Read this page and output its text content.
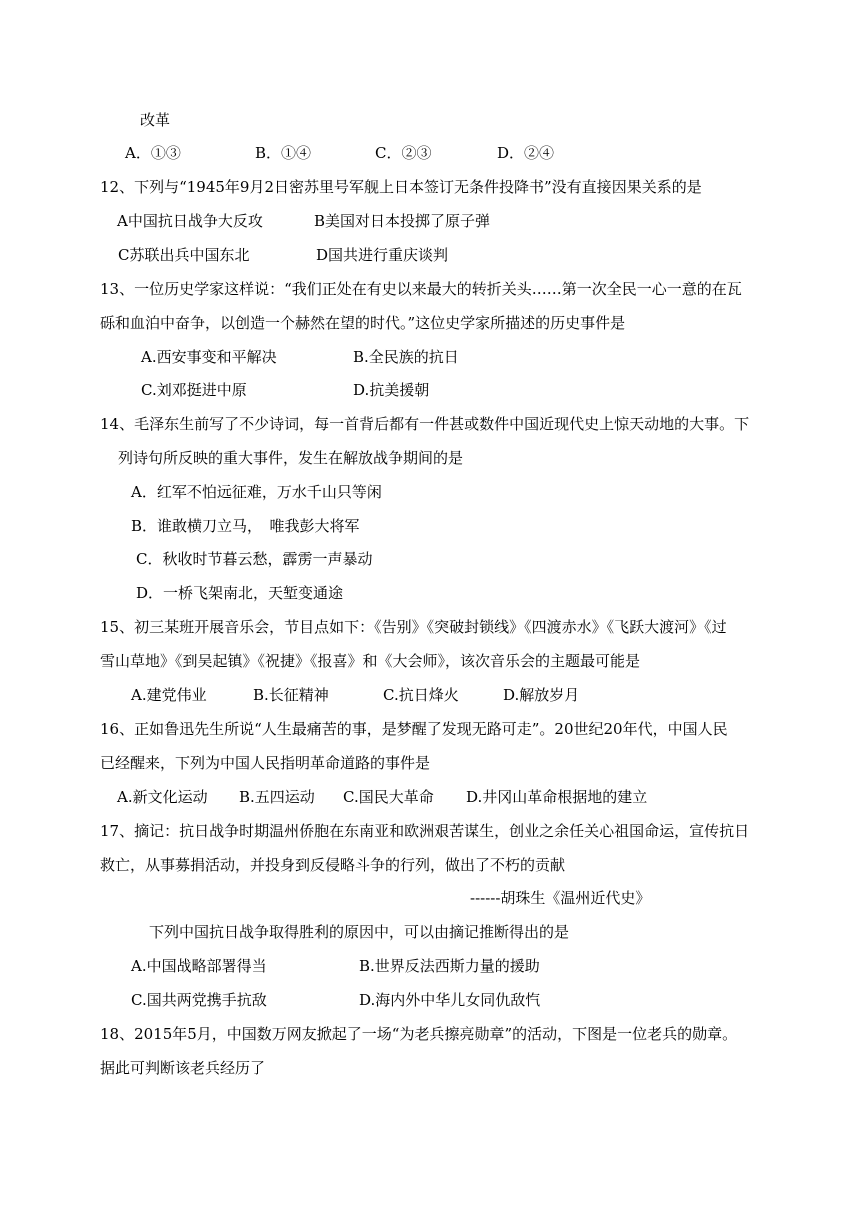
改革
A．①③	B．①④	C．②③	D．②④
12、下列与“1945年9月2日密苏里号军舰上日本签订无条件投降书”没有直接因果关系的是
A中国抗日战争大反攻	B美国对日本投掷了原子弹
C苏联出兵中国东北	D国共进行重庆谈判
13、一位历史学家这样说：“我们正处在有史以来最大的转折关头……第一次全民一心一意的在瓦
砾和血泊中奋争，以创造一个赫然在望的时代。”这位史学家所描述的历史事件是
A.西安事变和平解决	B.全民族的抗日
C.刘邓挺进中原	D.抗美援朝
14、毛泽东生前写了不少诗词，每一首背后都有一件甚或数件中国近现代史上惊天动地的大事。下
列诗句所反映的重大事件，发生在解放战争期间的是
A．红军不怕远征难，万水千山只等闲
B．谁敢横刀立马，　唯我彭大将军
C．秋收时节暮云愁，霹雳一声暴动
D．一桥飞架南北，天堑变通途
15、初三某班开展音乐会，节目点如下：《告别》《突破封锁线》《四渡赤水》《飞跃大渡河》《过
雪山草地》《到吴起镇》《祝捷》《报喜》和《大会师》，该次音乐会的主题最可能是
A.建党伟业	B.长征精神	C.抗日烽火	D.解放岁月
16、正如鲁迅先生所说“人生最痛苦的事，是梦醒了发现无路可走”。20世纪20年代，中国人民
已经醒来，下列为中国人民指明革命道路的事件是
A.新文化运动 B.五四运动 C.国民大革命 D.井冈山革命根据地的建立
17、摘记：抗日战争时期温州侨胞在东南亚和欧洲艰苦谋生，创业之余任关心祖国命运，宣传抗日
救亡，从事募捐活动，并投身到反侵略斗争的行列，做出了不朽的贡献
------胡珠生《温州近代史》
下列中国抗日战争取得胜利的原因中，可以由摘记推断得出的是
A.中国战略部署得当	B.世界反法西斯力量的援助
C.国共两党携手抗敌	D.海内外中华儿女同仇敌忾
18、2015年5月，中国数万网友掀起了一场“为老兵擦亮勋章”的活动，下图是一位老兵的勋章。
据此可判断该老兵经历了
